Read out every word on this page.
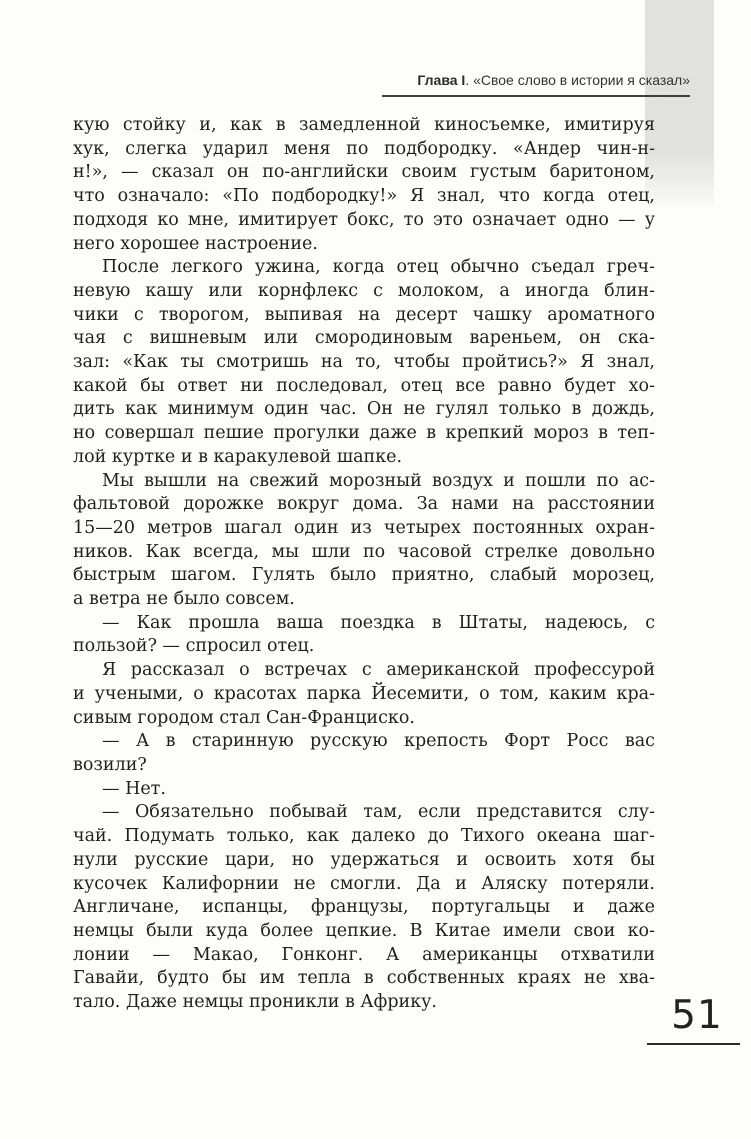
Глава I. «Свое слово в истории я сказал»
кую стойку и, как в замедленной киносъемке, имитируя
хук, слегка ударил меня по подбородку. «Андер чин-н-
н!», — сказал он по-английски своим густым баритоном,
что означало: «По подбородку!» Я знал, что когда отец,
подходя ко мне, имитирует бокс, то это означает одно — у
него хорошее настроение.
После легкого ужина, когда отец обычно съедал греч-
невую кашу или корнфлекс с молоком, а иногда блин-
чики с творогом, выпивая на десерт чашку ароматного
чая с вишневым или смородиновым вареньем, он ска-
зал: «Как ты смотришь на то, чтобы пройтись?» Я знал,
какой бы ответ ни последовал, отец все равно будет хо-
дить как минимум один час. Он не гулял только в дождь,
но совершал пешие прогулки даже в крепкий мороз в теп-
лой куртке и в каракулевой шапке.
Мы вышли на свежий морозный воздух и пошли по ас-
фальтовой дорожке вокруг дома. За нами на расстоянии
15—20 метров шагал один из четырех постоянных охран-
ников. Как всегда, мы шли по часовой стрелке довольно
быстрым шагом. Гулять было приятно, слабый морозец,
а ветра не было совсем.
— Как прошла ваша поездка в Штаты, надеюсь, с
пользой? — спросил отец.
Я рассказал о встречах с американской профессурой
и учеными, о красотах парка Йесемити, о том, каким кра-
сивым городом стал Сан-Франциско.
— А в старинную русскую крепость Форт Росс вас
возили?
— Нет.
— Обязательно побывай там, если представится слу-
чай. Подумать только, как далеко до Тихого океана шаг-
нули русские цари, но удержаться и освоить хотя бы
кусочек Калифорнии не смогли. Да и Аляску потеряли.
Англичане, испанцы, французы, португальцы и даже
немцы были куда более цепкие. В Китае имели свои ко-
лонии — Макао, Гонконг. А американцы отхватили
Гавайи, будто бы им тепла в собственных краях не хва-
тало. Даже немцы проникли в Африку.	51
